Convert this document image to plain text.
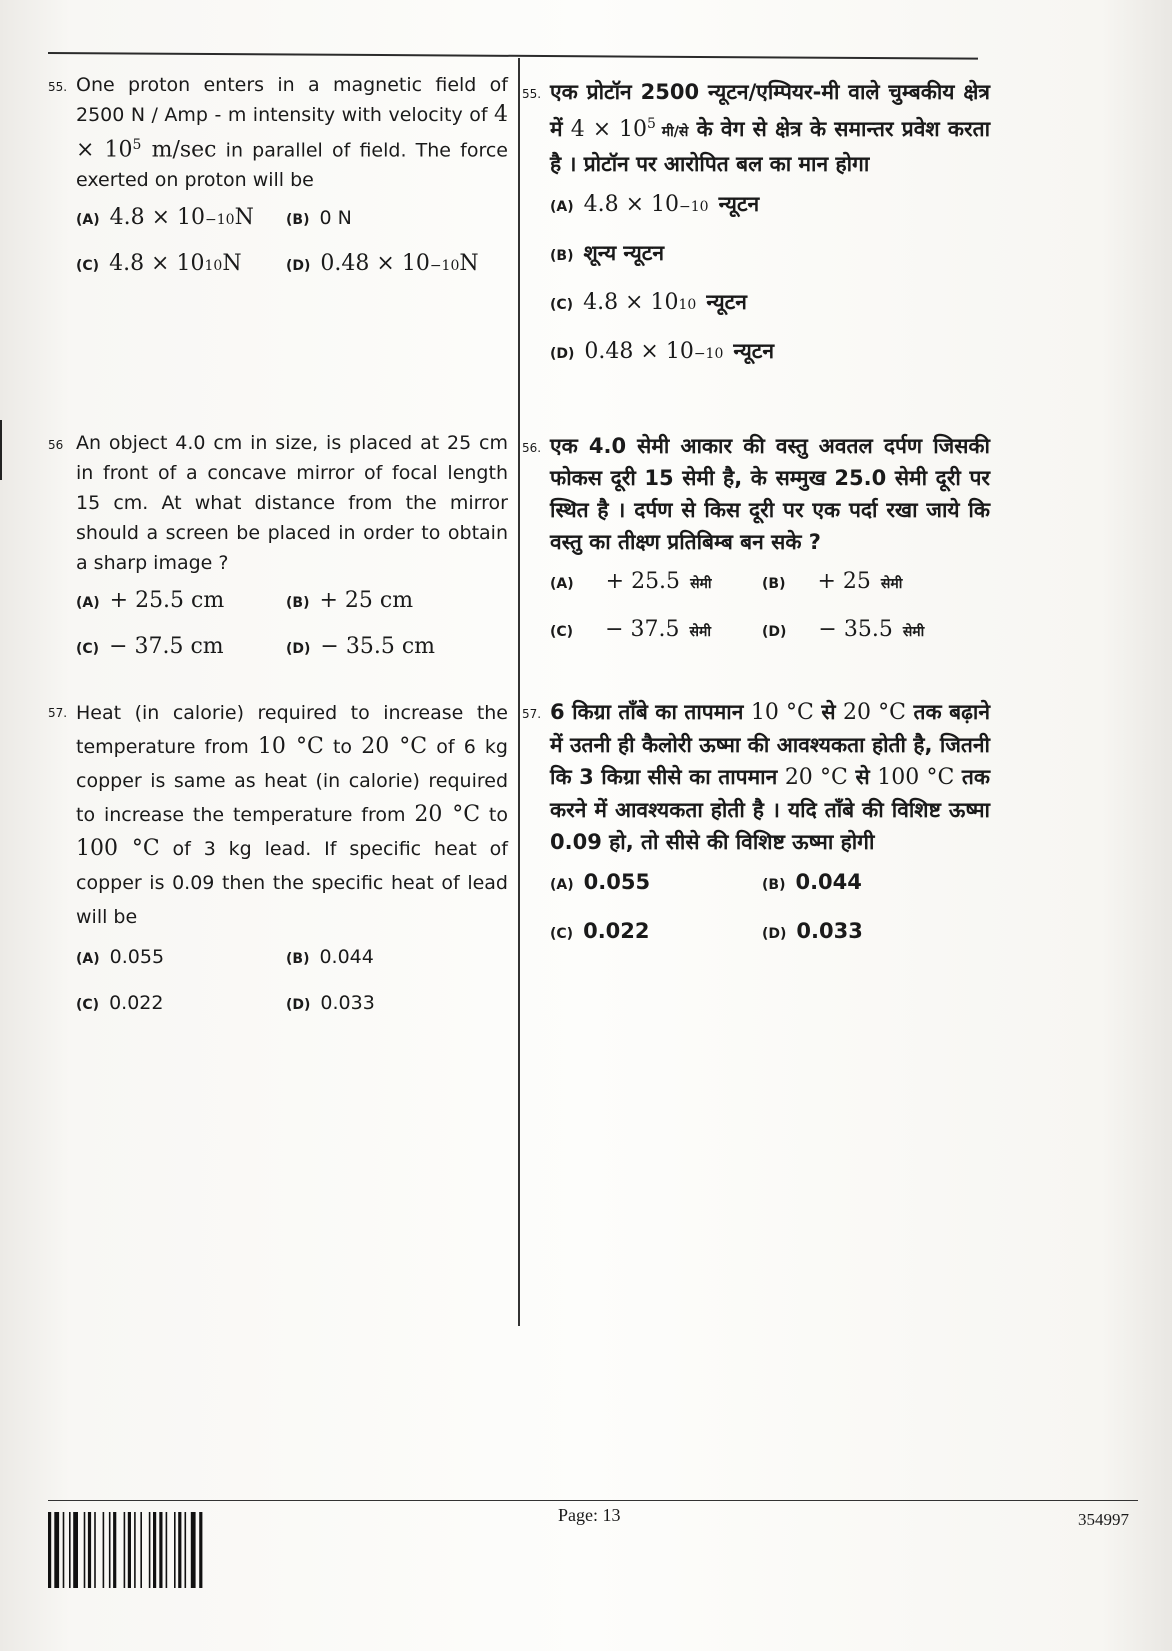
55. One proton enters in a magnetic field of 2500 N / Amp - m intensity with velocity of $4 \times 10^5$ m/sec in parallel of field. The force exerted on proton will be
(A) 4.8 × 10 −10 N (B) 0 N
(C) 4.8 × 10 10 N	(D) 0.48 × 10 −10 N
56 An object 4.0 cm in size, is placed at 25 cm in front of a concave mirror of focal length 15 cm. At what distance from the mirror should a screen be placed in order to obtain a sharp image ?
(A) + 25.5 cm	(B) + 25 cm
(C) − 37.5 cm	(D) − 35.5 cm
57. Heat (in calorie) required to increase the temperature from 10 °C to 20 °C of 6 kg copper is same as heat (in calorie) required to increase the temperature from 20 °C to 100 °C of 3 kg lead. If specific heat of copper is 0.09 then the specific heat of lead will be
(A) 0.055	(B) 0.044
(C) 0.022	(D) 0.033
55. एक प्रोटॉन 2500 न्यूटन/एम्पियर-मी वाले चुम्बकीय क्षेत्र में $4 \times 10^5$ मी/से के वेग से क्षेत्र के समान्तर प्रवेश करता है । प्रोटॉन पर आरोपित बल का मान होगा
(A) 4.8 × 10 −10 न्यूटन
(B) शून्य न्यूटन
(C) 4.8 × 10 10 न्यूटन
(D) 0.48 × 10 −10 न्यूटन
56. एक 4.0 सेमी आकार की वस्तु अवतल दर्पण जिसकी फोकस दूरी 15 सेमी है, के सम्मुख 25.0 सेमी दूरी पर स्थित है । दर्पण से किस दूरी पर एक पर्दा रखा जाये कि वस्तु का तीक्ष्ण प्रतिबिम्ब बन सके ?
(A) + 25.5 सेमी	(B) + 25 सेमी
(C) − 37.5 सेमी	(D) − 35.5 सेमी
57. 6 किग्रा ताँबे का तापमान 10 °C से 20 °C तक बढ़ाने में उतनी ही कैलोरी ऊष्मा की आवश्यकता होती है, जितनी कि 3 किग्रा सीसे का तापमान 20 °C से 100 °C तक करने में आवश्यकता होती है । यदि ताँबे की विशिष्ट ऊष्मा 0.09 हो, तो सीसे की विशिष्ट ऊष्मा होगी
(A) 0.055	(B) 0.044
(C) 0.022	(D) 0.033
Page: 13	354997
